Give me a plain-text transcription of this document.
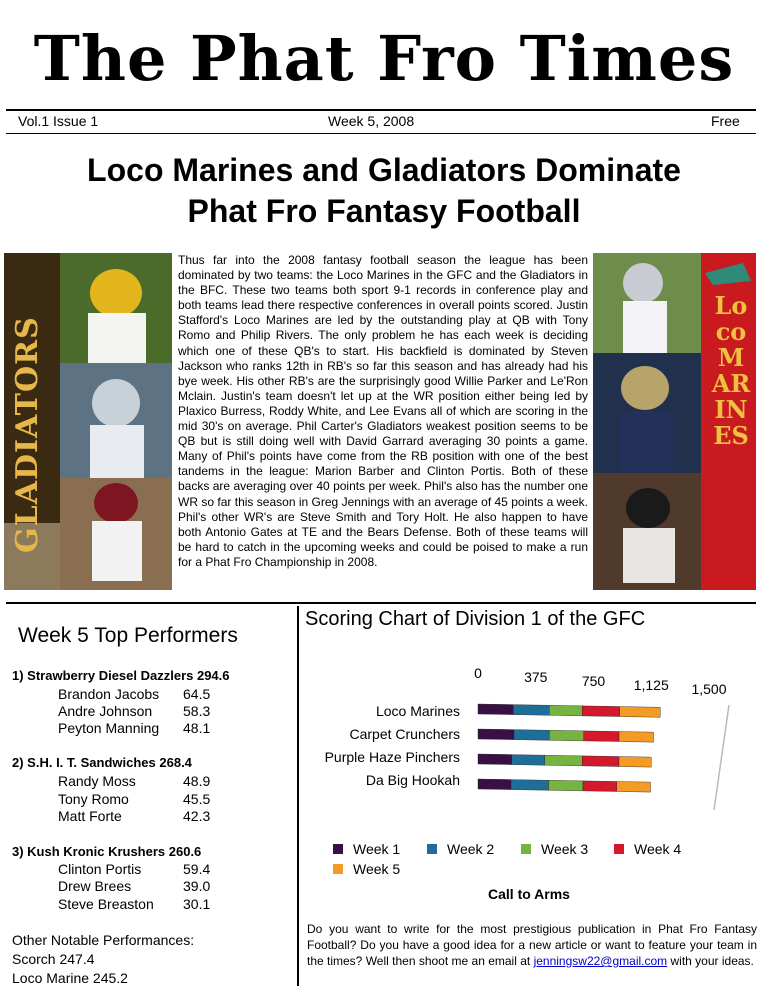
The Phat Fro Times
Vol.1 Issue 1	Week 5, 2008	Free
Loco Marines and Gladiators Dominate
Phat Fro Fantasy Football
GLADIATORS
Thus far into the 2008 fantasy football season the league has been dominated by two teams: the Loco Marines in the GFC and the Gladiators in the BFC. These two teams both sport 9-1 records in conference play and both teams lead there respective conferences in overall points scored. Justin Stafford's Loco Marines are led by the outstanding play at QB with Tony Romo and Philip Rivers. The only problem he has each week is deciding which one of these QB's to start. His backfield is dominated by Steven Jackson who ranks 12th in RB's so far this season and has already had his bye week. His other RB's are the surprisingly good Willie Parker and Le'Ron Mclain. Justin's team doesn't let up at the WR position either being led by Plaxico Burress, Roddy White, and Lee Evans all of which are scoring in the mid 30's on average. Phil Carter's Gladiators weakest position seems to be QB but is still doing well with David Garrard averaging 30 points a game. Many of Phil's points have come from the RB position with one of the best tandems in the league: Marion Barber and Clinton Portis. Both of these backs are averaging over 40 points per week. Phil's also has the number one WR so far this season in Greg Jennings with an average of 45 points a week. Phil's other WR's are Steve Smith and Tory Holt. He also happen to have both Antonio Gates at TE and the Bears Defense. Both of these teams will be hard to catch in the upcoming weeks and could be poised to make a run for a Phat Fro Championship in 2008.
Loco MARINES
Week 5 Top Performers
1) Strawberry Diesel Dazzlers 294.6
Brandon Jacobs 64.5
Andre Johnson 58.3
Peyton Manning 48.1
2) S.H. I. T. Sandwiches 268.4
Randy Moss	48.9
Tony Romo	45.5
Matt Forte	42.3
3) Kush Kronic Krushers 260.6
Clinton Portis	59.4
Drew Brees	39.0
Steve Breaston 30.1
Other Notable Performances:
Scorch 247.4
Loco Marine 245.2
Scoring Chart of Division 1 of the GFC
0	375 750 1,125 1,500
Loco Marines
Carpet Crunchers
Purple Haze Pinchers
Da Big Hookah
Week 1	Week 2	Week 3	Week 4
Week 5
Call to Arms
Do you want to write for the most prestigious publication in Phat Fro Fantasy Football? Do you have a good idea for a new article or want to feature your team in the times? Well then shoot me an email at jenningsw22@gmail.com with your ideas.
